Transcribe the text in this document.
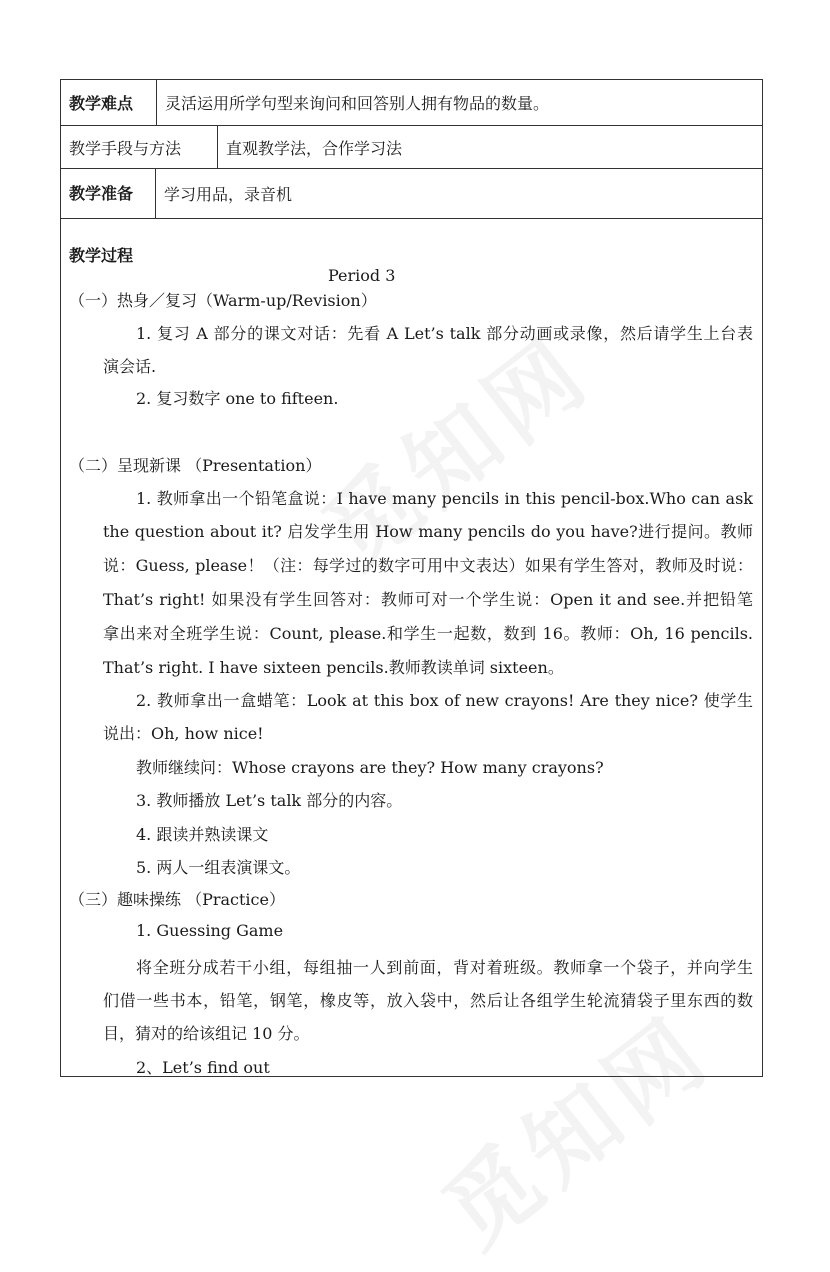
教学难点	灵活运用所学句型来询问和回答别人拥有物品的数量。
教学手段与方法	直观教学法，合作学习法
教学准备	学习用品，录音机
教学过程
Period 3
（一）热身／复习（Warm-up/Revision）
1. 复习 A 部分的课文对话：先看 A Let’s talk 部分动画或录像，然后请学生上台表
演会话.
2. 复习数字 one to fifteen.
（二）呈现新课 （Presentation）
1. 教师拿出一个铅笔盒说：I have many pencils in this pencil-box.Who can ask
the question about it? 启发学生用 How many pencils do you have?进行提问。教师
说：Guess, please！（注：每学过的数字可用中文表达）如果有学生答对，教师及时说：
That’s right! 如果没有学生回答对：教师可对一个学生说：Open it and see.并把铅笔
拿出来对全班学生说：Count, please.和学生一起数，数到 16。教师：Oh, 16 pencils.
That’s right. I have sixteen pencils.教师教读单词 sixteen。
2. 教师拿出一盒蜡笔：Look at this box of new crayons! Are they nice? 使学生
说出：Oh, how nice!
教师继续问：Whose crayons are they? How many crayons?
3. 教师播放 Let’s talk 部分的内容。
4. 跟读并熟读课文
5. 两人一组表演课文。
（三）趣味操练 （Practice）
1. Guessing Game
将全班分成若干小组，每组抽一人到前面，背对着班级。教师拿一个袋子，并向学生
们借一些书本，铅笔，钢笔，橡皮等，放入袋中，然后让各组学生轮流猜袋子里东西的数
目，猜对的给该组记 10 分。
2、Let’s find out
